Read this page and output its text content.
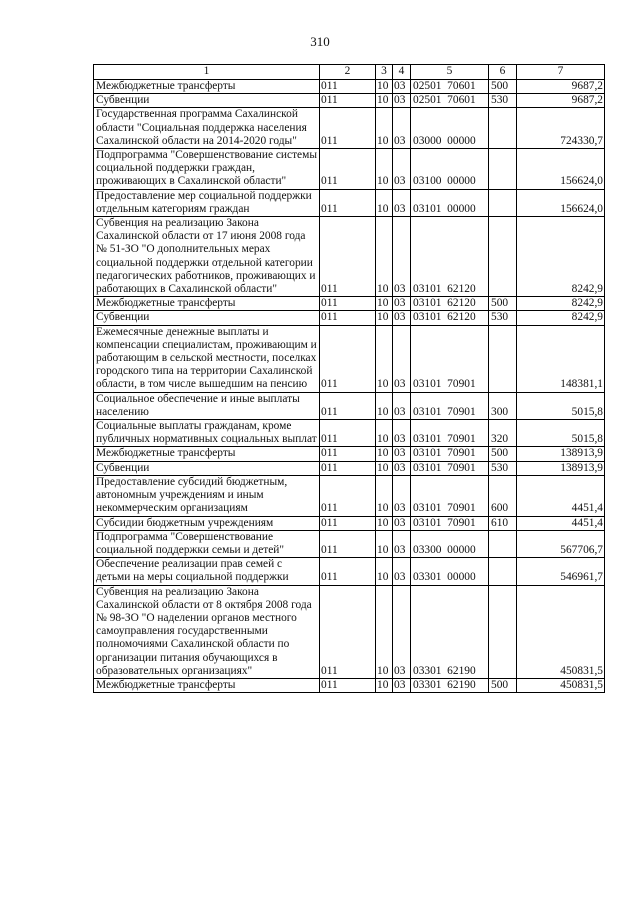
310
1	2	3	4	5	6	7
Межбюджетные трансферты	011	10	03	02501  70601	500	9687,2
Субвенции	011	10	03	02501  70601	530	9687,2
Государственная программа Сахалинской области "Социальная поддержка населения Сахалинской области на 2014-2020 годы"	011	10	03	03000  00000		724330,7
Подпрограмма "Совершенствование системы социальной поддержки граждан, проживающих в Сахалинской области"	011	10	03	03100  00000		156624,0
Предоставление мер социальной поддержки отдельным категориям граждан	011	10	03	03101  00000		156624,0
Субвенция на реализацию Закона Сахалинской области от 17 июня 2008 года № 51-ЗО "О дополнительных мерах социальной поддержки отдельной категории педагогических работников, проживающих и работающих в Сахалинской области"	011	10	03	03101  62120		8242,9
Межбюджетные трансферты	011	10	03	03101  62120	500	8242,9
Субвенции	011	10	03	03101  62120	530	8242,9
Ежемесячные денежные выплаты и компенсации специалистам, проживающим и работающим в сельской местности, поселках городского типа на территории Сахалинской области, в том числе вышедшим на пенсию	011	10	03	03101  70901		148381,1
Социальное обеспечение и иные выплаты населению	011	10	03	03101  70901	300	5015,8
Социальные выплаты гражданам, кроме публичных нормативных социальных выплат	011	10	03	03101  70901	320	5015,8
Межбюджетные трансферты	011	10	03	03101  70901	500	138913,9
Субвенции	011	10	03	03101  70901	530	138913,9
Предоставление субсидий бюджетным, автономным учреждениям и иным некоммерческим организациям	011	10	03	03101  70901	600	4451,4
Субсидии бюджетным учреждениям	011	10	03	03101  70901	610	4451,4
Подпрограмма "Совершенствование социальной поддержки семьи и детей"	011	10	03	03300  00000		567706,7
Обеспечение реализации прав семей с детьми на меры социальной поддержки	011	10	03	03301  00000		546961,7
Субвенция на реализацию Закона Сахалинской области от 8 октября 2008 года № 98-ЗО "О наделении органов местного самоуправления государственными полномочиями Сахалинской области по организации питания обучающихся в образовательных организациях"	011	10	03	03301  62190		450831,5
Межбюджетные трансферты	011	10	03	03301  62190	500	450831,5
